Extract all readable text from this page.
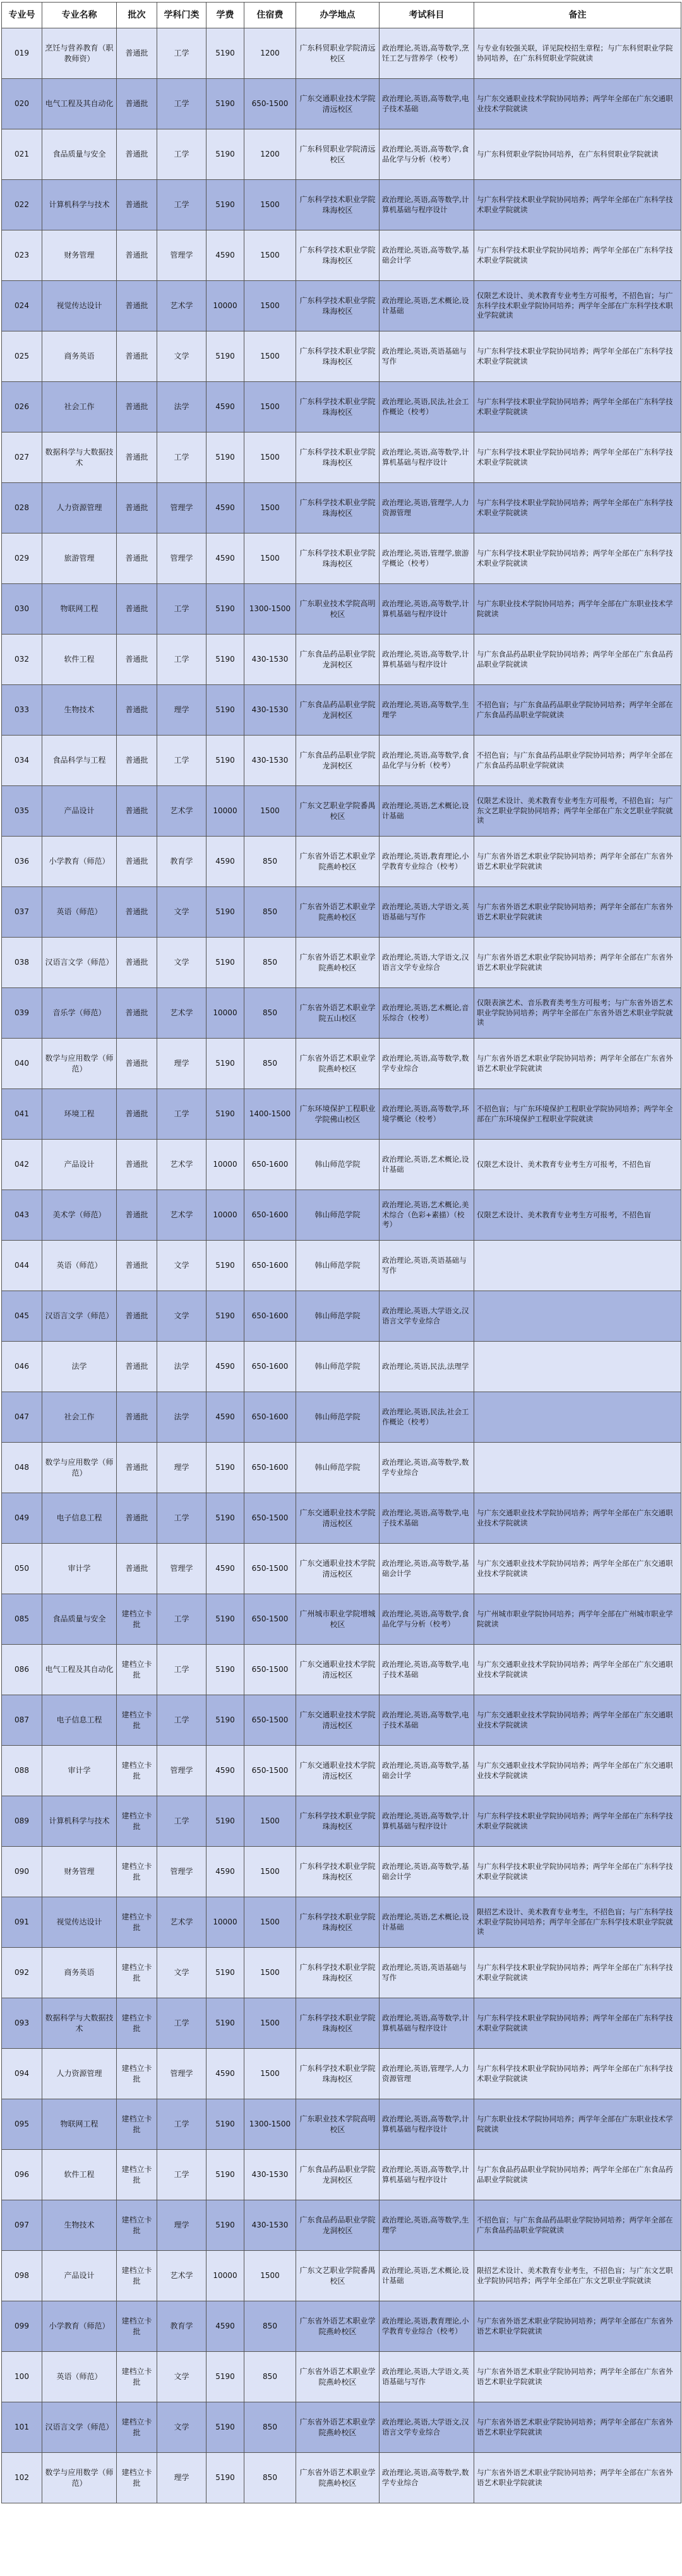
专业号	专业名称	批次	学科门类	学费	住宿费	办学地点	考试科目	备注
019	烹饪与营养教育（职教师资）	普通批	工学	5190	1200	广东科贸职业学院清远校区	政治理论,英语,高等数学,烹饪工艺与营养学（校考）	与专业有较强关联，详见院校招生章程；与广东科贸职业学院协同培养，在广东科贸职业学院就读
020	电气工程及其自动化	普通批	工学	5190	650-1500	广东交通职业技术学院清远校区	政治理论,英语,高等数学,电子技术基础	与广东交通职业技术学院协同培养；两学年全部在广东交通职业技术学院就读
021	食品质量与安全	普通批	工学	5190	1200	广东科贸职业学院清远校区	政治理论,英语,高等数学,食品化学与分析（校考）	与广东科贸职业学院协同培养，在广东科贸职业学院就读
022	计算机科学与技术	普通批	工学	5190	1500	广东科学技术职业学院珠海校区	政治理论,英语,高等数学,计算机基础与程序设计	与广东科学技术职业学院协同培养；两学年全部在广东科学技术职业学院就读
023	财务管理	普通批	管理学	4590	1500	广东科学技术职业学院珠海校区	政治理论,英语,高等数学,基础会计学	与广东科学技术职业学院协同培养；两学年全部在广东科学技术职业学院就读
024	视觉传达设计	普通批	艺术学	10000	1500	广东科学技术职业学院珠海校区	政治理论,英语,艺术概论,设计基础	仅限艺术设计、美术教育专业考生方可报考，不招色盲；与广东科学技术职业学院协同培养；两学年全部在广东科学技术职业学院就读
025	商务英语	普通批	文学	5190	1500	广东科学技术职业学院珠海校区	政治理论,英语,英语基础与写作	与广东科学技术职业学院协同培养；两学年全部在广东科学技术职业学院就读
026	社会工作	普通批	法学	4590	1500	广东科学技术职业学院珠海校区	政治理论,英语,民法,社会工作概论（校考）	与广东科学技术职业学院协同培养；两学年全部在广东科学技术职业学院就读
027	数据科学与大数据技术	普通批	工学	5190	1500	广东科学技术职业学院珠海校区	政治理论,英语,高等数学,计算机基础与程序设计	与广东科学技术职业学院协同培养；两学年全部在广东科学技术职业学院就读
028	人力资源管理	普通批	管理学	4590	1500	广东科学技术职业学院珠海校区	政治理论,英语,管理学,人力资源管理	与广东科学技术职业学院协同培养；两学年全部在广东科学技术职业学院就读
029	旅游管理	普通批	管理学	4590	1500	广东科学技术职业学院珠海校区	政治理论,英语,管理学,旅游学概论（校考）	与广东科学技术职业学院协同培养；两学年全部在广东科学技术职业学院就读
030	物联网工程	普通批	工学	5190	1300-1500	广东职业技术学院高明校区	政治理论,英语,高等数学,计算机基础与程序设计	与广东职业技术学院协同培养；两学年全部在广东职业技术学院就读
032	软件工程	普通批	工学	5190	430-1530	广东食品药品职业学院龙洞校区	政治理论,英语,高等数学,计算机基础与程序设计	与广东食品药品职业学院协同培养；两学年全部在广东食品药品职业学院就读
033	生物技术	普通批	理学	5190	430-1530	广东食品药品职业学院龙洞校区	政治理论,英语,高等数学,生理学	不招色盲；与广东食品药品职业学院协同培养；两学年全部在广东食品药品职业学院就读
034	食品科学与工程	普通批	工学	5190	430-1530	广东食品药品职业学院龙洞校区	政治理论,英语,高等数学,食品化学与分析（校考）	不招色盲；与广东食品药品职业学院协同培养；两学年全部在广东食品药品职业学院就读
035	产品设计	普通批	艺术学	10000	1500	广东文艺职业学院番禺校区	政治理论,英语,艺术概论,设计基础	仅限艺术设计、美术教育专业考生方可报考，不招色盲；与广东文艺职业学院协同培养；两学年全部在广东文艺职业学院就读
036	小学教育（师范）	普通批	教育学	4590	850	广东省外语艺术职业学院燕岭校区	政治理论,英语,教育理论,小学教育专业综合（校考）	与广东省外语艺术职业学院协同培养；两学年全部在广东省外语艺术职业学院就读
037	英语（师范）	普通批	文学	5190	850	广东省外语艺术职业学院燕岭校区	政治理论,英语,大学语文,英语基础与写作	与广东省外语艺术职业学院协同培养；两学年全部在广东省外语艺术职业学院就读
038	汉语言文学（师范）	普通批	文学	5190	850	广东省外语艺术职业学院燕岭校区	政治理论,英语,大学语文,汉语言文学专业综合	与广东省外语艺术职业学院协同培养；两学年全部在广东省外语艺术职业学院就读
039	音乐学（师范）	普通批	艺术学	10000	850	广东省外语艺术职业学院五山校区	政治理论,英语,艺术概论,音乐综合（校考）	仅限表演艺术、音乐教育类考生方可报考；与广东省外语艺术职业学院协同培养；两学年全部在广东省外语艺术职业学院就读
040	数学与应用数学（师范）	普通批	理学	5190	850	广东省外语艺术职业学院燕岭校区	政治理论,英语,高等数学,数学专业综合	与广东省外语艺术职业学院协同培养；两学年全部在广东省外语艺术职业学院就读
041	环境工程	普通批	工学	5190	1400-1500	广东环境保护工程职业学院佛山校区	政治理论,英语,高等数学,环境学概论（校考）	不招色盲；与广东环境保护工程职业学院协同培养；两学年全部在广东环境保护工程职业学院就读
042	产品设计	普通批	艺术学	10000	650-1600	韩山师范学院	政治理论,英语,艺术概论,设计基础	仅限艺术设计、美术教育专业考生方可报考，不招色盲
043	美术学（师范）	普通批	艺术学	10000	650-1600	韩山师范学院	政治理论,英语,艺术概论,美术综合（色彩+素描）（校考）	仅限艺术设计、美术教育专业考生方可报考，不招色盲
044	英语（师范）	普通批	文学	5190	650-1600	韩山师范学院	政治理论,英语,英语基础与写作	
045	汉语言文学（师范）	普通批	文学	5190	650-1600	韩山师范学院	政治理论,英语,大学语文,汉语言文学专业综合	
046	法学	普通批	法学	4590	650-1600	韩山师范学院	政治理论,英语,民法,法理学	
047	社会工作	普通批	法学	4590	650-1600	韩山师范学院	政治理论,英语,民法,社会工作概论（校考）	
048	数学与应用数学（师范）	普通批	理学	5190	650-1600	韩山师范学院	政治理论,英语,高等数学,数学专业综合	
049	电子信息工程	普通批	工学	5190	650-1500	广东交通职业技术学院清远校区	政治理论,英语,高等数学,电子技术基础	与广东交通职业技术学院协同培养；两学年全部在广东交通职业技术学院就读
050	审计学	普通批	管理学	4590	650-1500	广东交通职业技术学院清远校区	政治理论,英语,高等数学,基础会计学	与广东交通职业技术学院协同培养；两学年全部在广东交通职业技术学院就读
085	食品质量与安全	建档立卡批	工学	5190	650-1500	广州城市职业学院增城校区	政治理论,英语,高等数学,食品化学与分析（校考）	与广州城市职业学院协同培养；两学年全部在广州城市职业学院就读
086	电气工程及其自动化	建档立卡批	工学	5190	650-1500	广东交通职业技术学院清远校区	政治理论,英语,高等数学,电子技术基础	与广东交通职业技术学院协同培养；两学年全部在广东交通职业技术学院就读
087	电子信息工程	建档立卡批	工学	5190	650-1500	广东交通职业技术学院清远校区	政治理论,英语,高等数学,电子技术基础	与广东交通职业技术学院协同培养；两学年全部在广东交通职业技术学院就读
088	审计学	建档立卡批	管理学	4590	650-1500	广东交通职业技术学院清远校区	政治理论,英语,高等数学,基础会计学	与广东交通职业技术学院协同培养；两学年全部在广东交通职业技术学院就读
089	计算机科学与技术	建档立卡批	工学	5190	1500	广东科学技术职业学院珠海校区	政治理论,英语,高等数学,计算机基础与程序设计	与广东科学技术职业学院协同培养；两学年全部在广东科学技术职业学院就读
090	财务管理	建档立卡批	管理学	4590	1500	广东科学技术职业学院珠海校区	政治理论,英语,高等数学,基础会计学	与广东科学技术职业学院协同培养；两学年全部在广东科学技术职业学院就读
091	视觉传达设计	建档立卡批	艺术学	10000	1500	广东科学技术职业学院珠海校区	政治理论,英语,艺术概论,设计基础	限招艺术设计、美术教育专业考生，不招色盲；与广东科学技术职业学院协同培养；两学年全部在广东科学技术职业学院就读
092	商务英语	建档立卡批	文学	5190	1500	广东科学技术职业学院珠海校区	政治理论,英语,英语基础与写作	与广东科学技术职业学院协同培养；两学年全部在广东科学技术职业学院就读
093	数据科学与大数据技术	建档立卡批	工学	5190	1500	广东科学技术职业学院珠海校区	政治理论,英语,高等数学,计算机基础与程序设计	与广东科学技术职业学院协同培养；两学年全部在广东科学技术职业学院就读
094	人力资源管理	建档立卡批	管理学	4590	1500	广东科学技术职业学院珠海校区	政治理论,英语,管理学,人力资源管理	与广东科学技术职业学院协同培养；两学年全部在广东科学技术职业学院就读
095	物联网工程	建档立卡批	工学	5190	1300-1500	广东职业技术学院高明校区	政治理论,英语,高等数学,计算机基础与程序设计	与广东职业技术学院协同培养；两学年全部在广东职业技术学院就读
096	软件工程	建档立卡批	工学	5190	430-1530	广东食品药品职业学院龙洞校区	政治理论,英语,高等数学,计算机基础与程序设计	与广东食品药品职业学院协同培养；两学年全部在广东食品药品职业学院就读
097	生物技术	建档立卡批	理学	5190	430-1530	广东食品药品职业学院龙洞校区	政治理论,英语,高等数学,生理学	不招色盲；与广东食品药品职业学院协同培养；两学年全部在广东食品药品职业学院就读
098	产品设计	建档立卡批	艺术学	10000	1500	广东文艺职业学院番禺校区	政治理论,英语,艺术概论,设计基础	限招艺术设计、美术教育专业考生，不招色盲；与广东文艺职业学院协同培养；两学年全部在广东文艺职业学院就读
099	小学教育（师范）	建档立卡批	教育学	4590	850	广东省外语艺术职业学院燕岭校区	政治理论,英语,教育理论,小学教育专业综合（校考）	与广东省外语艺术职业学院协同培养；两学年全部在广东省外语艺术职业学院就读
100	英语（师范）	建档立卡批	文学	5190	850	广东省外语艺术职业学院燕岭校区	政治理论,英语,大学语文,英语基础与写作	与广东省外语艺术职业学院协同培养；两学年全部在广东省外语艺术职业学院就读
101	汉语言文学（师范）	建档立卡批	文学	5190	850	广东省外语艺术职业学院燕岭校区	政治理论,英语,大学语文,汉语言文学专业综合	与广东省外语艺术职业学院协同培养；两学年全部在广东省外语艺术职业学院就读
102	数学与应用数学（师范）	建档立卡批	理学	5190	850	广东省外语艺术职业学院燕岭校区	政治理论,英语,高等数学,数学专业综合	与广东省外语艺术职业学院协同培养；两学年全部在广东省外语艺术职业学院就读
